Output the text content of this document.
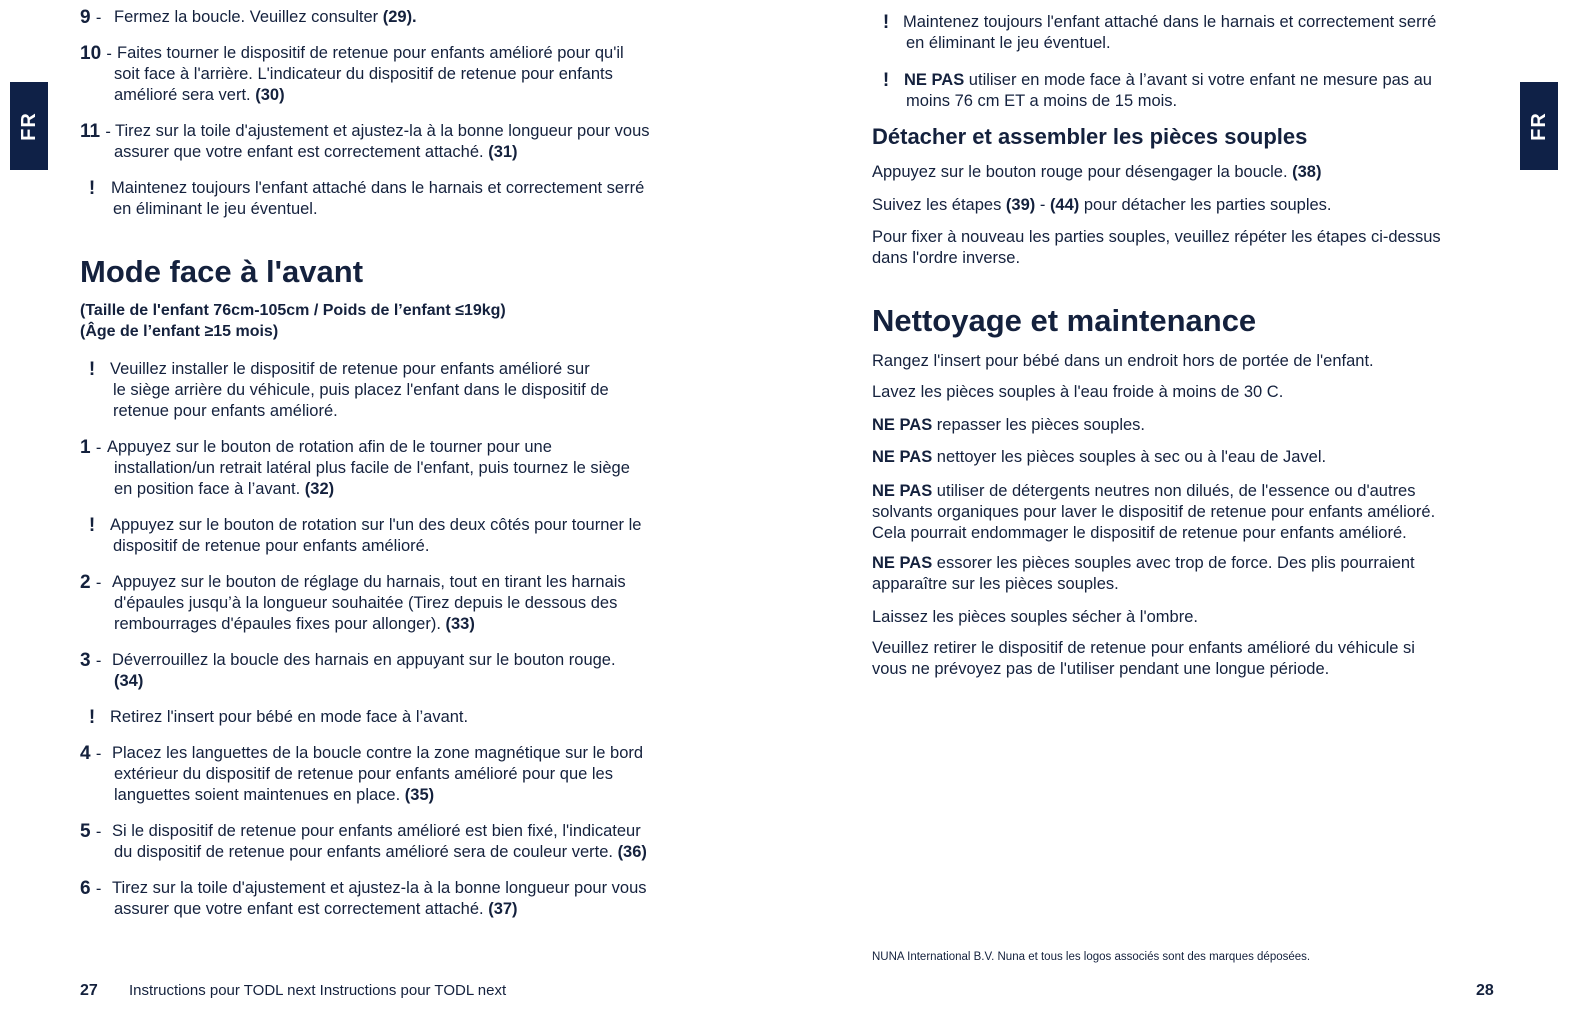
FR
9 - Fermez la boucle. Veuillez consulter (29).
10 - Faites tourner le dispositif de retenue pour enfants amélioré pour qu'il
soit face à l'arrière. L'indicateur du dispositif de retenue pour enfants
amélioré sera vert. (30)
11 - Tirez sur la toile d'ajustement et ajustez-la à la bonne longueur pour vous
assurer que votre enfant est correctement attaché. (31)
! Maintenez toujours l'enfant attaché dans le harnais et correctement serré
en éliminant le jeu éventuel.
Mode face à l'avant
(Taille de l'enfant 76cm-105cm / Poids de l’enfant ≤19kg)
(Âge de l’enfant ≥15 mois)
! Veuillez installer le dispositif de retenue pour enfants amélioré sur
le siège arrière du véhicule, puis placez l'enfant dans le dispositif de
retenue pour enfants amélioré.
1 - Appuyez sur le bouton de rotation afin de le tourner pour une
installation/un retrait latéral plus facile de l'enfant, puis tournez le siège
en position face à l’avant. (32)
! Appuyez sur le bouton de rotation sur l'un des deux côtés pour tourner le
dispositif de retenue pour enfants amélioré.
2 - Appuyez sur le bouton de réglage du harnais, tout en tirant les harnais
d'épaules jusqu’à la longueur souhaitée (Tirez depuis le dessous des
rembourrages d'épaules fixes pour allonger). (33)
3 - Déverrouillez la boucle des harnais en appuyant sur le bouton rouge.
(34)
! Retirez l'insert pour bébé en mode face à l’avant.
4 - Placez les languettes de la boucle contre la zone magnétique sur le bord
extérieur du dispositif de retenue pour enfants amélioré pour que les
languettes soient maintenues en place. (35)
5 - Si le dispositif de retenue pour enfants amélioré est bien fixé, l'indicateur
du dispositif de retenue pour enfants amélioré sera de couleur verte. (36)
6 - Tirez sur la toile d'ajustement et ajustez-la à la bonne longueur pour vous
assurer que votre enfant est correctement attaché. (37)
27 Instructions pour TODL next Instructions pour TODL next
FR
! Maintenez toujours l'enfant attaché dans le harnais et correctement serré
en éliminant le jeu éventuel.
! NE PAS utiliser en mode face à l’avant si votre enfant ne mesure pas au
moins 76 cm ET a moins de 15 mois.
Détacher et assembler les pièces souples
Appuyez sur le bouton rouge pour désengager la boucle. (38)
Suivez les étapes (39) - (44) pour détacher les parties souples.
Pour fixer à nouveau les parties souples, veuillez répéter les étapes ci-dessus
dans l'ordre inverse.
Nettoyage et maintenance
Rangez l'insert pour bébé dans un endroit hors de portée de l'enfant.
Lavez les pièces souples à l'eau froide à moins de 30 C.
NE PAS repasser les pièces souples.
NE PAS nettoyer les pièces souples à sec ou à l'eau de Javel.
NE PAS utiliser de détergents neutres non dilués, de l'essence ou d'autres
solvants organiques pour laver le dispositif de retenue pour enfants amélioré.
Cela pourrait endommager le dispositif de retenue pour enfants amélioré.
NE PAS essorer les pièces souples avec trop de force. Des plis pourraient
apparaître sur les pièces souples.
Laissez les pièces souples sécher à l'ombre.
Veuillez retirer le dispositif de retenue pour enfants amélioré du véhicule si
vous ne prévoyez pas de l'utiliser pendant une longue période.
NUNA International B.V. Nuna et tous les logos associés sont des marques déposées.
28
